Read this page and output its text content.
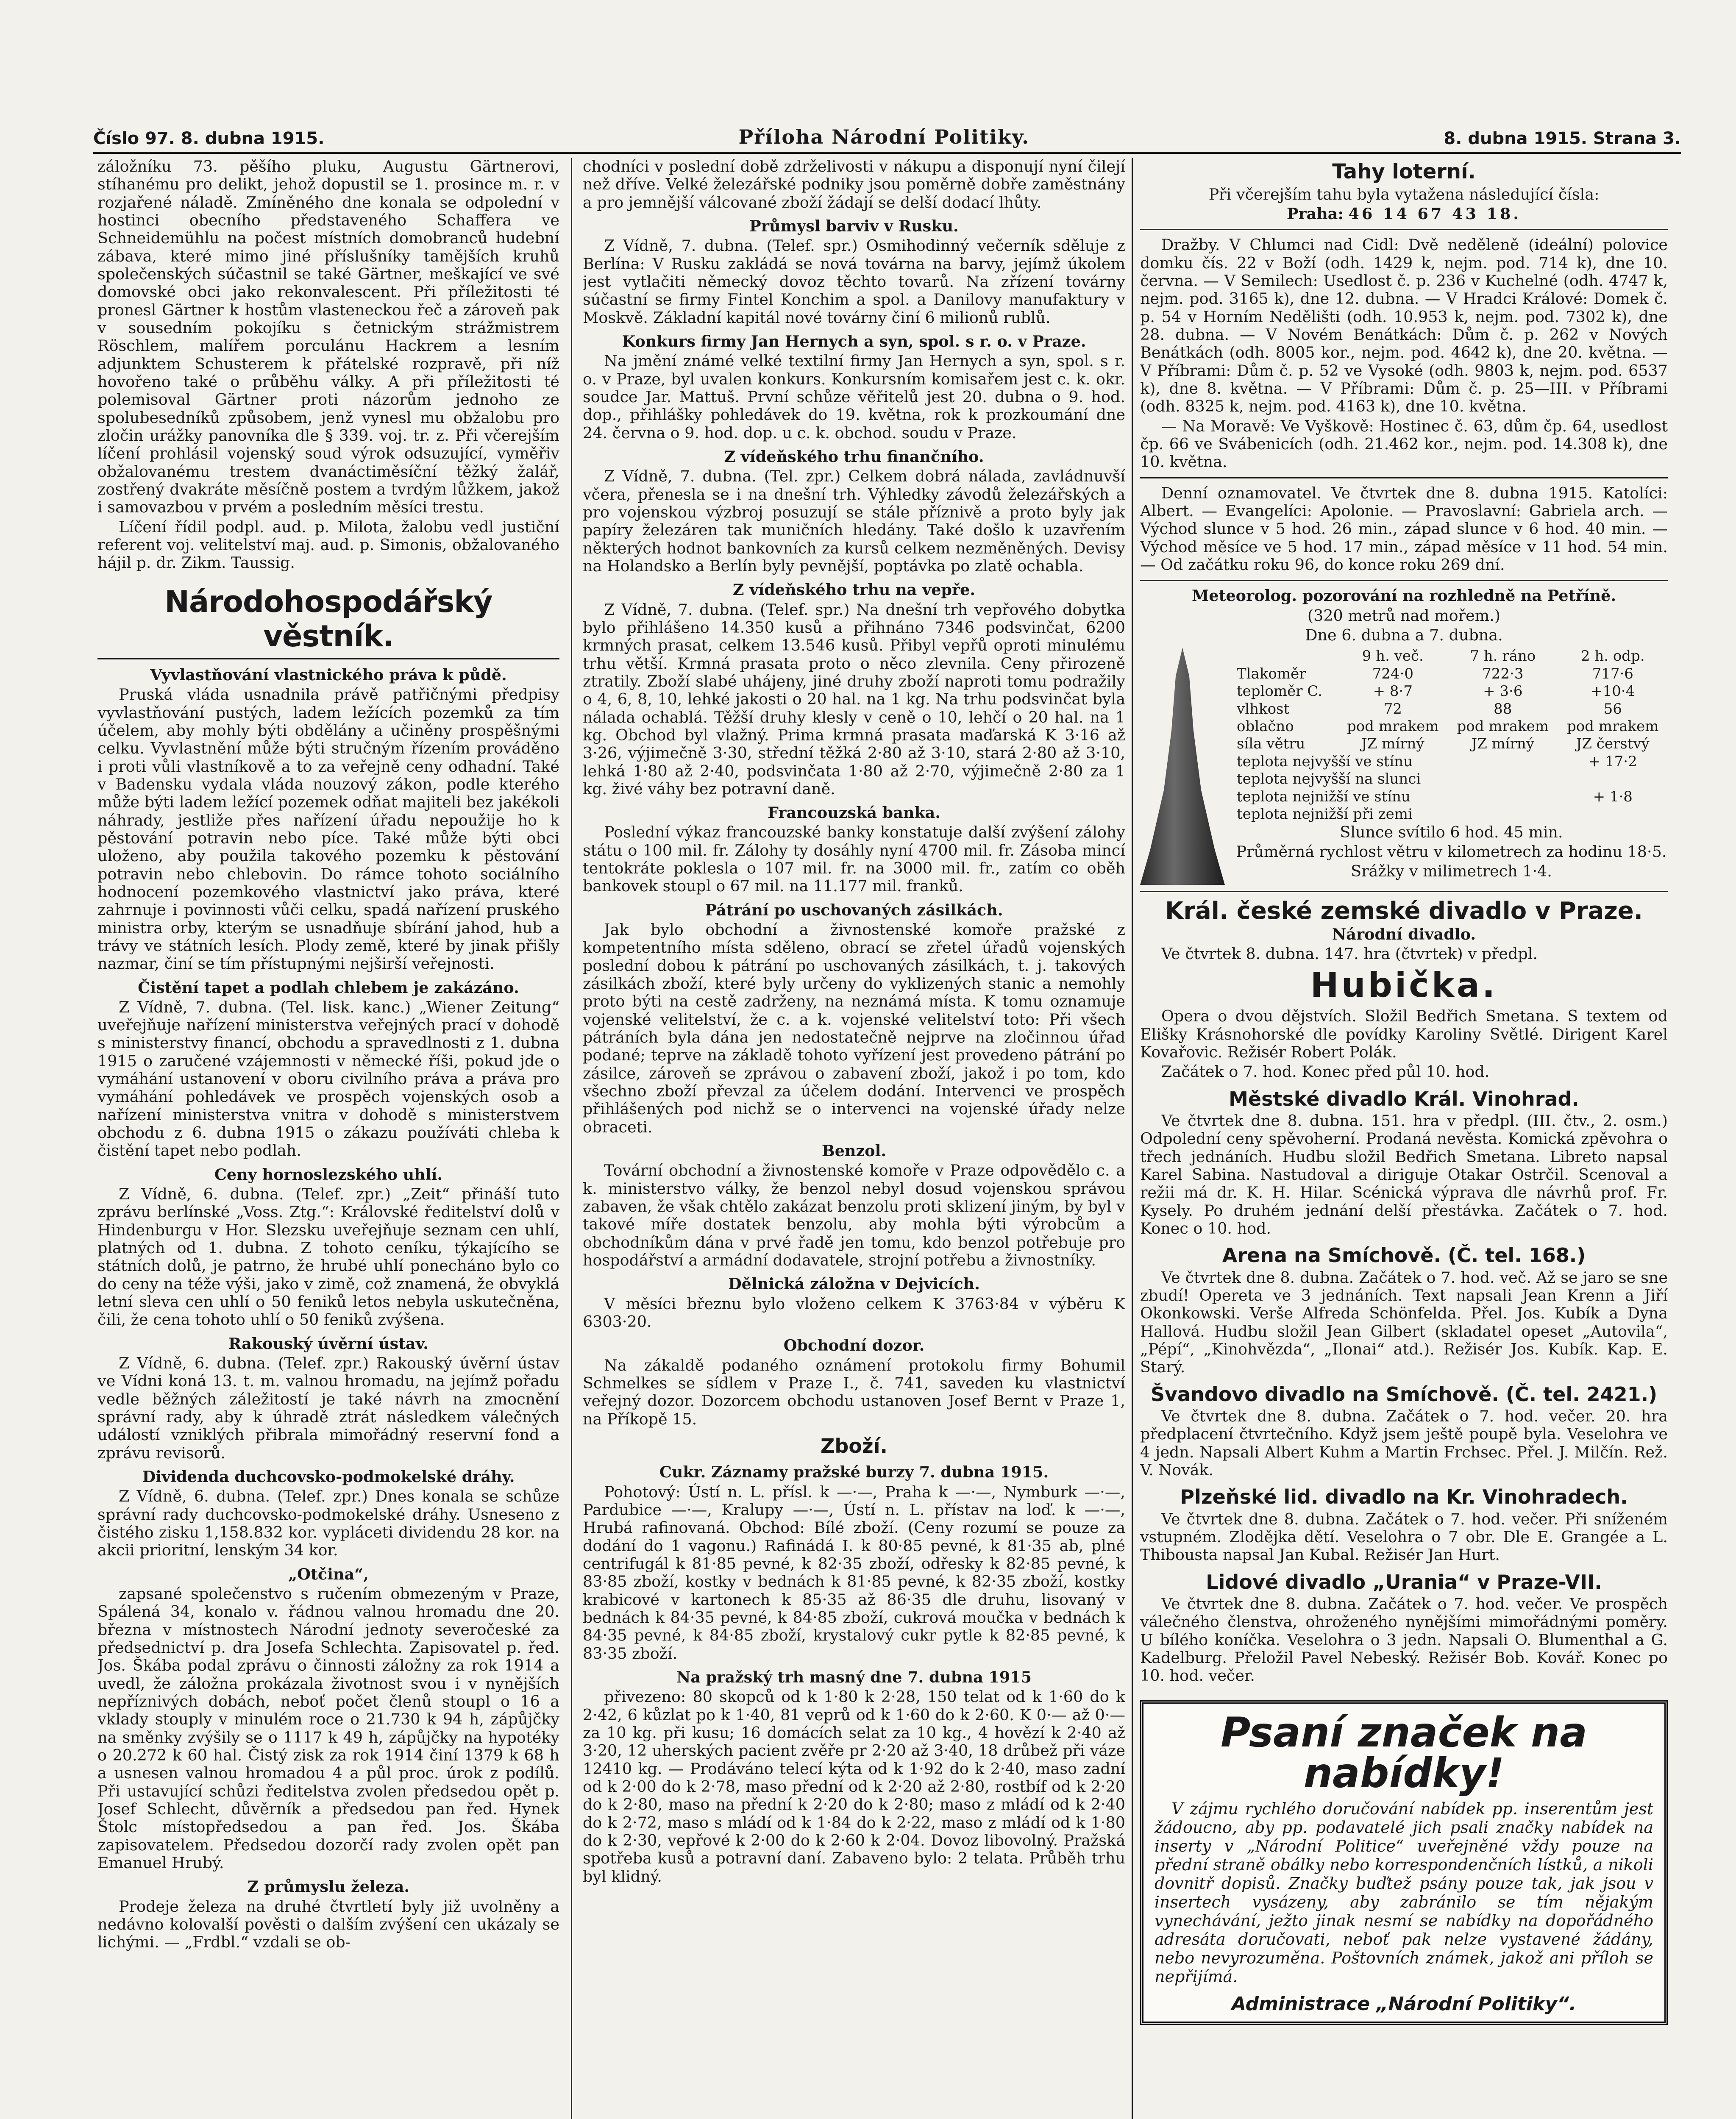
Číslo 97. 8. dubna 1915.	Příloha Národní Politiky.	8. dubna 1915. Strana 3.

záložníku 73. pěšího pluku, Augustu Gärtnerovi, stíhanému pro delikt, jehož dopustil se 1. prosince m. r. v rozjařené náladě. Zmíněného dne konala se odpolední v hostinci obecního představeného Schaffera ve Schneidemühlu na počest místních domobranců hudební zábava, které mimo jiné příslušníky tamějších kruhů společenských súčastnil se také Gärtner, meškající ve své domovské obci jako rekonvalescent. Při příležitosti té pronesl Gärtner k hostům vlasteneckou řeč a zároveň pak v sousedním pokojíku s četnickým strážmistrem Röschlem, malířem porculánu Hackrem a lesním adjunktem Schusterem k přátelské rozpravě, při níž hovořeno také o průběhu války. A při příležitosti té polemisoval Gärtner proti názorům jednoho ze spolubesedníků způsobem, jenž vynesl mu obžalobu pro zločin urážky panovníka dle § 339. voj. tr. z. Při včerejším líčení prohlásil vojenský soud výrok odsuzující, vyměřiv obžalovanému trestem dvanáctiměsíční těžký žalář, zostřený dvakráte měsíčně postem a tvrdým lůžkem, jakož i samovazbou v prvém a posledním měsíci trestu.

Líčení řídil podpl. aud. p. Milota, žalobu vedl justiční referent voj. velitelství maj. aud. p. Simonis, obžalovaného hájil p. dr. Zikm. Taussig.

Národohospodářský věstník.
Vyvlastňování vlastnického práva k půdě.

Pruská vláda usnadnila právě patřičnými předpisy vyvlastňování pustých, ladem ležících pozemků za tím účelem, aby mohly býti obdělány a učiněny prospěšnými celku. Vyvlastnění může býti stručným řízením prováděno i proti vůli vlastníkově a to za veřejně ceny odhadní. Také v Badensku vydala vláda nouzový zákon, podle kterého může býti ladem ležící pozemek odňat majiteli bez jakékoli náhrady, jestliže přes nařízení úřadu nepoužije ho k pěstování potravin nebo píce. Také může býti obci uloženo, aby použila takového pozemku k pěstování potravin nebo chlebovin. Do rámce tohoto sociálního hodnocení pozemkového vlastnictví jako práva, které zahrnuje i povinnosti vůči celku, spadá nařízení pruského ministra orby, kterým se usnadňuje sbírání jahod, hub a trávy ve státních lesích. Plody země, které by jinak přišly nazmar, činí se tím přístupnými nejširší veřejnosti.

Čistění tapet a podlah chlebem je zakázáno.

Z Vídně, 7. dubna. (Tel. lisk. kanc.) „Wiener Zeitung“ uveřejňuje nařízení ministerstva veřejných prací v dohodě s ministerstvy financí, obchodu a spravedlnosti z 1. dubna 1915 o zaručené vzájemnosti v německé říši, pokud jde o vymáhání ustanovení v oboru civilního práva a práva pro vymáhání pohledávek ve prospěch vojenských osob a nařízení ministerstva vnitra v dohodě s ministerstvem obchodu z 6. dubna 1915 o zákazu používáti chleba k čistění tapet nebo podlah.

Ceny hornoslezského uhlí.

Z Vídně, 6. dubna. (Telef. zpr.) „Zeit“ přináší tuto zprávu berlínské „Voss. Ztg.“: Královské ředitelství dolů v Hindenburgu v Hor. Slezsku uveřejňuje seznam cen uhlí, platných od 1. dubna. Z tohoto ceníku, týkajícího se státních dolů, je patrno, že hrubé uhlí ponecháno bylo co do ceny na téže výši, jako v zimě, což znamená, že obvyklá letní sleva cen uhlí o 50 feniků letos nebyla uskutečněna, čili, že cena tohoto uhlí o 50 feniků zvýšena.

Rakouský úvěrní ústav.

Z Vídně, 6. dubna. (Telef. zpr.) Rakouský úvěrní ústav ve Vídni koná 13. t. m. valnou hromadu, na jejímž pořadu vedle běžných záležitostí je také návrh na zmocnění správní rady, aby k úhradě ztrát následkem válečných událostí vzniklých přibrala mimořádný reservní fond a zprávu revisorů.

Dividenda duchcovsko-podmokelské dráhy.

Z Vídně, 6. dubna. (Telef. zpr.) Dnes konala se schůze správní rady duchcovsko-podmokelské dráhy. Usneseno z čistého zisku 1,158.832 kor. vypláceti dividendu 28 kor. na akcii prioritní, lenským 34 kor.

„Otčina“,

zapsané společenstvo s ručením obmezeným v Praze, Spálená 34, konalo v. řádnou valnou hromadu dne 20. března v místnostech Národní jednoty severočeské za předsednictví p. dra Josefa Schlechta. Zapisovatel p. řed. Jos. Škába podal zprávu o činnosti záložny za rok 1914 a uvedl, že záložna prokázala životnost svou i v nynějších nepříznivých dobách, neboť počet členů stoupl o 16 a vklady stouply v minulém roce o 21.730 k 94 h, zápůjčky na směnky zvýšily se o 1117 k 49 h, zápůjčky na hypotéky o 20.272 k 60 hal. Čistý zisk za rok 1914 činí 1379 k 68 h a usnesen valnou hromadou 4 a půl proc. úrok z podílů. Při ustavující schůzi ředitelstva zvolen předsedou opět p. Josef Schlecht, důvěrník a předsedou pan řed. Hynek Štolc místopředsedou a pan řed. Jos. Škába zapisovatelem. Předsedou dozorčí rady zvolen opět pan Emanuel Hrubý.

Z průmyslu železa.

Prodeje železa na druhé čtvrtletí byly již uvolněny a nedávno kolovalší pověsti o dalším zvýšení cen ukázaly se lichými. — „Frdbl.“ vzdali se ob-

chodníci v poslední době zdrželivosti v nákupu a disponují nyní čilejí než dříve. Velké železářské podniky jsou poměrně dobře zaměstnány a pro jemnější válcované zboží žádají se delší dodací lhůty.

Průmysl barviv v Rusku.

Z Vídně, 7. dubna. (Telef. spr.) Osmihodinný večerník sděluje z Berlína: V Rusku zakládá se nová továrna na barvy, jejímž úkolem jest vytlačiti německý dovoz těchto tovarů. Na zřízení továrny súčastní se firmy Fintel Konchim a spol. a Danilovy manufaktury v Moskvě. Základní kapitál nové továrny činí 6 milionů rublů.

Konkurs firmy Jan Hernych a syn, spol. s r. o. v Praze.

Na jmění známé velké textilní firmy Jan Hernych a syn, spol. s r. o. v Praze, byl uvalen konkurs. Konkursním komisařem jest c. k. okr. soudce Jar. Mattuš. První schůze věřitelů jest 20. dubna o 9. hod. dop., přihlášky pohledávek do 19. května, rok k prozkoumání dne 24. června o 9. hod. dop. u c. k. obchod. soudu v Praze.

Z vídeňského trhu finančního.

Z Vídně, 7. dubna. (Tel. zpr.) Celkem dobrá nálada, zavládnuvší včera, přenesla se i na dnešní trh. Výhledky závodů železářských a pro vojenskou výzbroj posuzují se stále příznivě a proto byly jak papíry železáren tak muničních hledány. Také došlo k uzavřením některých hodnot bankovních za kursů celkem nezměněných. Devisy na Holandsko a Berlín byly pevnější, poptávka po zlatě ochabla.

Z vídeňského trhu na vepře.

Z Vídně, 7. dubna. (Telef. spr.) Na dnešní trh vepřového dobytka bylo přihlášeno 14.350 kusů a přihnáno 7346 podsvinčat, 6200 krmných prasat, celkem 13.546 kusů. Přibyl vepřů oproti minulému trhu větší. Krmná prasata proto o něco zlevnila. Ceny přirozeně ztratily. Zboží slabé uhájeny, jiné druhy zboží naproti tomu podražily o 4, 6, 8, 10, lehké jakosti o 20 hal. na 1 kg. Na trhu podsvinčat byla nálada ochablá. Těžší druhy klesly v ceně o 10, lehčí o 20 hal. na 1 kg. Obchod byl vlažný. Prima krmná prasata maďarská K 3·16 až 3·26, výjimečně 3·30, střední těžká 2·80 až 3·10, stará 2·80 až 3·10, lehká 1·80 až 2·40, podsvinčata 1·80 až 2·70, výjimečně 2·80 za 1 kg. živé váhy bez potravní daně.

Francouzská banka.

Poslední výkaz francouzské banky konstatuje další zvýšení zálohy státu o 100 mil. fr. Zálohy ty dosáhly nyní 4700 mil. fr. Zásoba mincí tentokráte poklesla o 107 mil. fr. na 3000 mil. fr., zatím co oběh bankovek stoupl o 67 mil. na 11.177 mil. franků.

Pátrání po uschovaných zásilkách.

Jak bylo obchodní a živnostenské komoře pražské z kompetentního místa sděleno, obrací se zřetel úřadů vojenských poslední dobou k pátrání po uschovaných zásilkách, t. j. takových zásilkách zboží, které byly určeny do vyklizených stanic a nemohly proto býti na cestě zadrženy, na neznámá místa. K tomu oznamuje vojenské velitelství, že c. a k. vojenské velitelství toto: Při všech pátráních byla dána jen nedostatečně nejprve na zločinnou úřad podané; teprve na základě tohoto vyřízení jest provedeno pátrání po zásilce, zároveň se zprávou o zabavení zboží, jakož i po tom, kdo všechno zboží převzal za účelem dodání. Intervenci ve prospěch přihlášených pod nichž se o intervenci na vojenské úřady nelze obraceti.

Benzol.

Tovární obchodní a živnostenské komoře v Praze odpovědělo c. a k. ministerstvo války, že benzol nebyl dosud vojenskou správou zabaven, že však chtělo zakázat benzolu proti sklizení jiným, by byl v takové míře dostatek benzolu, aby mohla býti výrobcům a obchodníkům dána v prvé řadě jen tomu, kdo benzol potřebuje pro hospodářství a armádní dodavatele, strojní potřebu a živnostníky.

Dělnická záložna v Dejvicích.

V měsíci březnu bylo vloženo celkem K 3763·84 v výběru K 6303·20.

Obchodní dozor.

Na zákaldě podaného oznámení protokolu firmy Bohumil Schmelkes se sídlem v Praze I., č. 741, saveden ku vlastnictví veřejný dozor. Dozorcem obchodu ustanoven Josef Bernt v Praze 1, na Příkopě 15.

Zboží.
Cukr. Záznamy pražské burzy 7. dubna 1915.

Pohotový: Ústí n. L. přísl. k —·—, Praha k —·—, Nymburk —·—, Pardubice —·—, Kralupy —·—, Ústí n. L. přístav na loď. k —·—, Hrubá rafinovaná. Obchod: Bílé zboží. (Ceny rozumí se pouze za dodání do 1 vagonu.) Rafinádá I. k 80·85 pevné, k 81·35 ab, plné centrifugál k 81·85 pevné, k 82·35 zboží, odřesky k 82·85 pevné, k 83·85 zboží, kostky v bednách k 81·85 pevné, k 82·35 zboží, kostky krabicové v kartonech k 85·35 až 86·35 dle druhu, lisovaný v bednách k 84·35 pevné, k 84·85 zboží, cukrová moučka v bednách k 84·35 pevné, k 84·85 zboží, krystalový cukr pytle k 82·85 pevné, k 83·35 zboží.

Na pražský trh masný dne 7. dubna 1915

přivezeno: 80 skopců od k 1·80 k 2·28, 150 telat od k 1·60 do k 2·42, 6 kůzlat po k 1·40, 81 veprů od k 1·60 do k 2·60. K 0·— až 0·— za 10 kg. při kusu; 16 domácích selat za 10 kg., 4 hovězí k 2·40 až 3·20, 12 uherských pacient zvěře pr 2·20 až 3·40, 18 drůbež při váze 12410 kg. — Prodáváno telecí kýta od k 1·92 do k 2·40, maso zadní od k 2·00 do k 2·78, maso přední od k 2·20 až 2·80, rostbíf od k 2·20 do k 2·80, maso na přední k 2·20 do k 2·80; maso z mládí od k 2·40 do k 2·72, maso s mládí od k 1·84 do k 2·22, maso z mládí od k 1·80 do k 2·30, vepřové k 2·00 do k 2·60 k 2·04. Dovoz libovolný. Pražská spotřeba kusů a potravní daní. Zabaveno bylo: 2 telata. Průběh trhu byl klidný.

Tahy loterní.

Při včerejším tahu byla vytažena následující čísla:

Praha: 46 14 67 43 18.

Dražby. V Chlumci nad Cidl: Dvě neděleně (ideální) polovice domku čís. 22 v Boží (odh. 1429 k, nejm. pod. 714 k), dne 10. června. — V Semilech: Usedlost č. p. 236 v Kuchelné (odh. 4747 k, nejm. pod. 3165 k), dne 12. dubna. — V Hradci Králové: Domek č. p. 54 v Horním Nedělišti (odh. 10.953 k, nejm. pod. 7302 k), dne 28. dubna. — V Novém Benátkách: Dům č. p. 262 v Nových Benátkách (odh. 8005 kor., nejm. pod. 4642 k), dne 20. května. — V Příbrami: Dům č. p. 52 ve Vysoké (odh. 9803 k, nejm. pod. 6537 k), dne 8. května. — V Příbrami: Dům č. p. 25—III. v Příbrami (odh. 8325 k, nejm. pod. 4163 k), dne 10. května.

— Na Moravě: Ve Vyškově: Hostinec č. 63, dům čp. 64, usedlost čp. 66 ve Svábenicích (odh. 21.462 kor., nejm. pod. 14.308 k), dne 10. května.

Denní oznamovatel. Ve čtvrtek dne 8. dubna 1915. Katolíci: Albert. — Evangelíci: Apolonie. — Pravoslavní: Gabriela arch. — Východ slunce v 5 hod. 26 min., západ slunce v 6 hod. 40 min. — Východ měsíce ve 5 hod. 17 min., západ měsíce v 11 hod. 54 min. — Od začátku roku 96, do konce roku 269 dní.

Meteorolog. pozorování na rozhledně na Petříně.

(320 metrů nad mořem.)

Dne 6. dubna a 7. dubna.

	9 h. več.	7 h. ráno	2 h. odp.
Tlakoměr	724·0	722·3	717·6
teploměr C.	+ 8·7	+ 3·6	+10·4
vlhkost	72	88	56
oblačno	pod mrakem	pod mrakem	pod mrakem
síla větru	JZ mírný	JZ mírný	JZ čerstvý
teplota nejvyšší ve stínu			+ 17·2
teplota nejvyšší na slunci			
teplota nejnižší ve stínu			+ 1·8
teplota nejnižší při zemi			

Slunce svítilo 6 hod. 45 min.

Průměrná rychlost větru v kilometrech za hodinu 18·5.

Srážky v milimetrech 1·4.

Král. české zemské divadlo v Praze.

Národní divadlo.

Ve čtvrtek 8. dubna. 147. hra (čtvrtek) v předpl.

Hubička.

Opera o dvou dějstvích. Složil Bedřich Smetana. S textem od Elišky Krásnohorské dle povídky Karoliny Světlé. Dirigent Karel Kovařovic. Režisér Robert Polák.

Začátek o 7. hod. Konec před půl 10. hod.

Městské divadlo Král. Vinohrad.

Ve čtvrtek dne 8. dubna. 151. hra v předpl. (III. čtv., 2. osm.) Odpolední ceny spěvoherní. Prodaná nevěsta. Komická zpěvohra o třech jednáních. Hudbu složil Bedřich Smetana. Libreto napsal Karel Sabina. Nastudoval a diriguje Otakar Ostrčil. Scenoval a režii má dr. K. H. Hilar. Scénická výprava dle návrhů prof. Fr. Kysely. Po druhém jednání delší přestávka. Začátek o 7. hod. Konec o 10. hod.

Arena na Smíchově. (Č. tel. 168.)

Ve čtvrtek dne 8. dubna. Začátek o 7. hod. več. Až se jaro se sne zbudí! Opereta ve 3 jednáních. Text napsali Jean Krenn a Jiří Okonkowski. Verše Alfreda Schönfelda. Přel. Jos. Kubík a Dyna Hallová. Hudbu složil Jean Gilbert (skladatel opeset „Autovila“, „Pépí“, „Kinohvězda“, „Ilonai“ atd.). Režisér Jos. Kubík. Kap. E. Starý.

Švandovo divadlo na Smíchově. (Č. tel. 2421.)

Ve čtvrtek dne 8. dubna. Začátek o 7. hod. večer. 20. hra předplacení čtvrtečního. Když jsem ještě poupě byla. Veselohra ve 4 jedn. Napsali Albert Kuhm a Martin Frchsec. Přel. J. Milčín. Rež. V. Novák.

Plzeňské lid. divadlo na Kr. Vinohradech.

Ve čtvrtek dne 8. dubna. Začátek o 7. hod. večer. Při sníženém vstupném. Zlodějka dětí. Veselohra o 7 obr. Dle E. Grangée a L. Thibousta napsal Jan Kubal. Režisér Jan Hurt.

Lidové divadlo „Urania“ v Praze-VII.

Ve čtvrtek dne 8. dubna. Začátek o 7. hod. večer. Ve prospěch válečného členstva, ohroženého nynějšími mimořádnými poměry. U bílého koníčka. Veselohra o 3 jedn. Napsali O. Blumenthal a G. Kadelburg. Přeložil Pavel Nebeský. Režisér Bob. Kovář. Konec po 10. hod. večer.

Psaní značek na nabídky!

V zájmu rychlého doručování nabídek pp. inserentům jest žádoucno, aby pp. podavatelé jich psali značky nabídek na inserty v „Národní Politice“ uveřejněné vždy pouze na přední straně obálky nebo korrespondenčních lístků, a nikoli dovnitř dopisů. Značky buďtež psány pouze tak, jak jsou v insertech vysázeny, aby zabránilo se tím nějakým vynechávání, ježto jinak nesmí se nabídky na dopořádného adresáta doručovati, neboť pak nelze vystavené žádány, nebo nevyrozuměna. Poštovních známek, jakož ani příloh se nepřijímá.

Administrace „Národní Politiky“.
